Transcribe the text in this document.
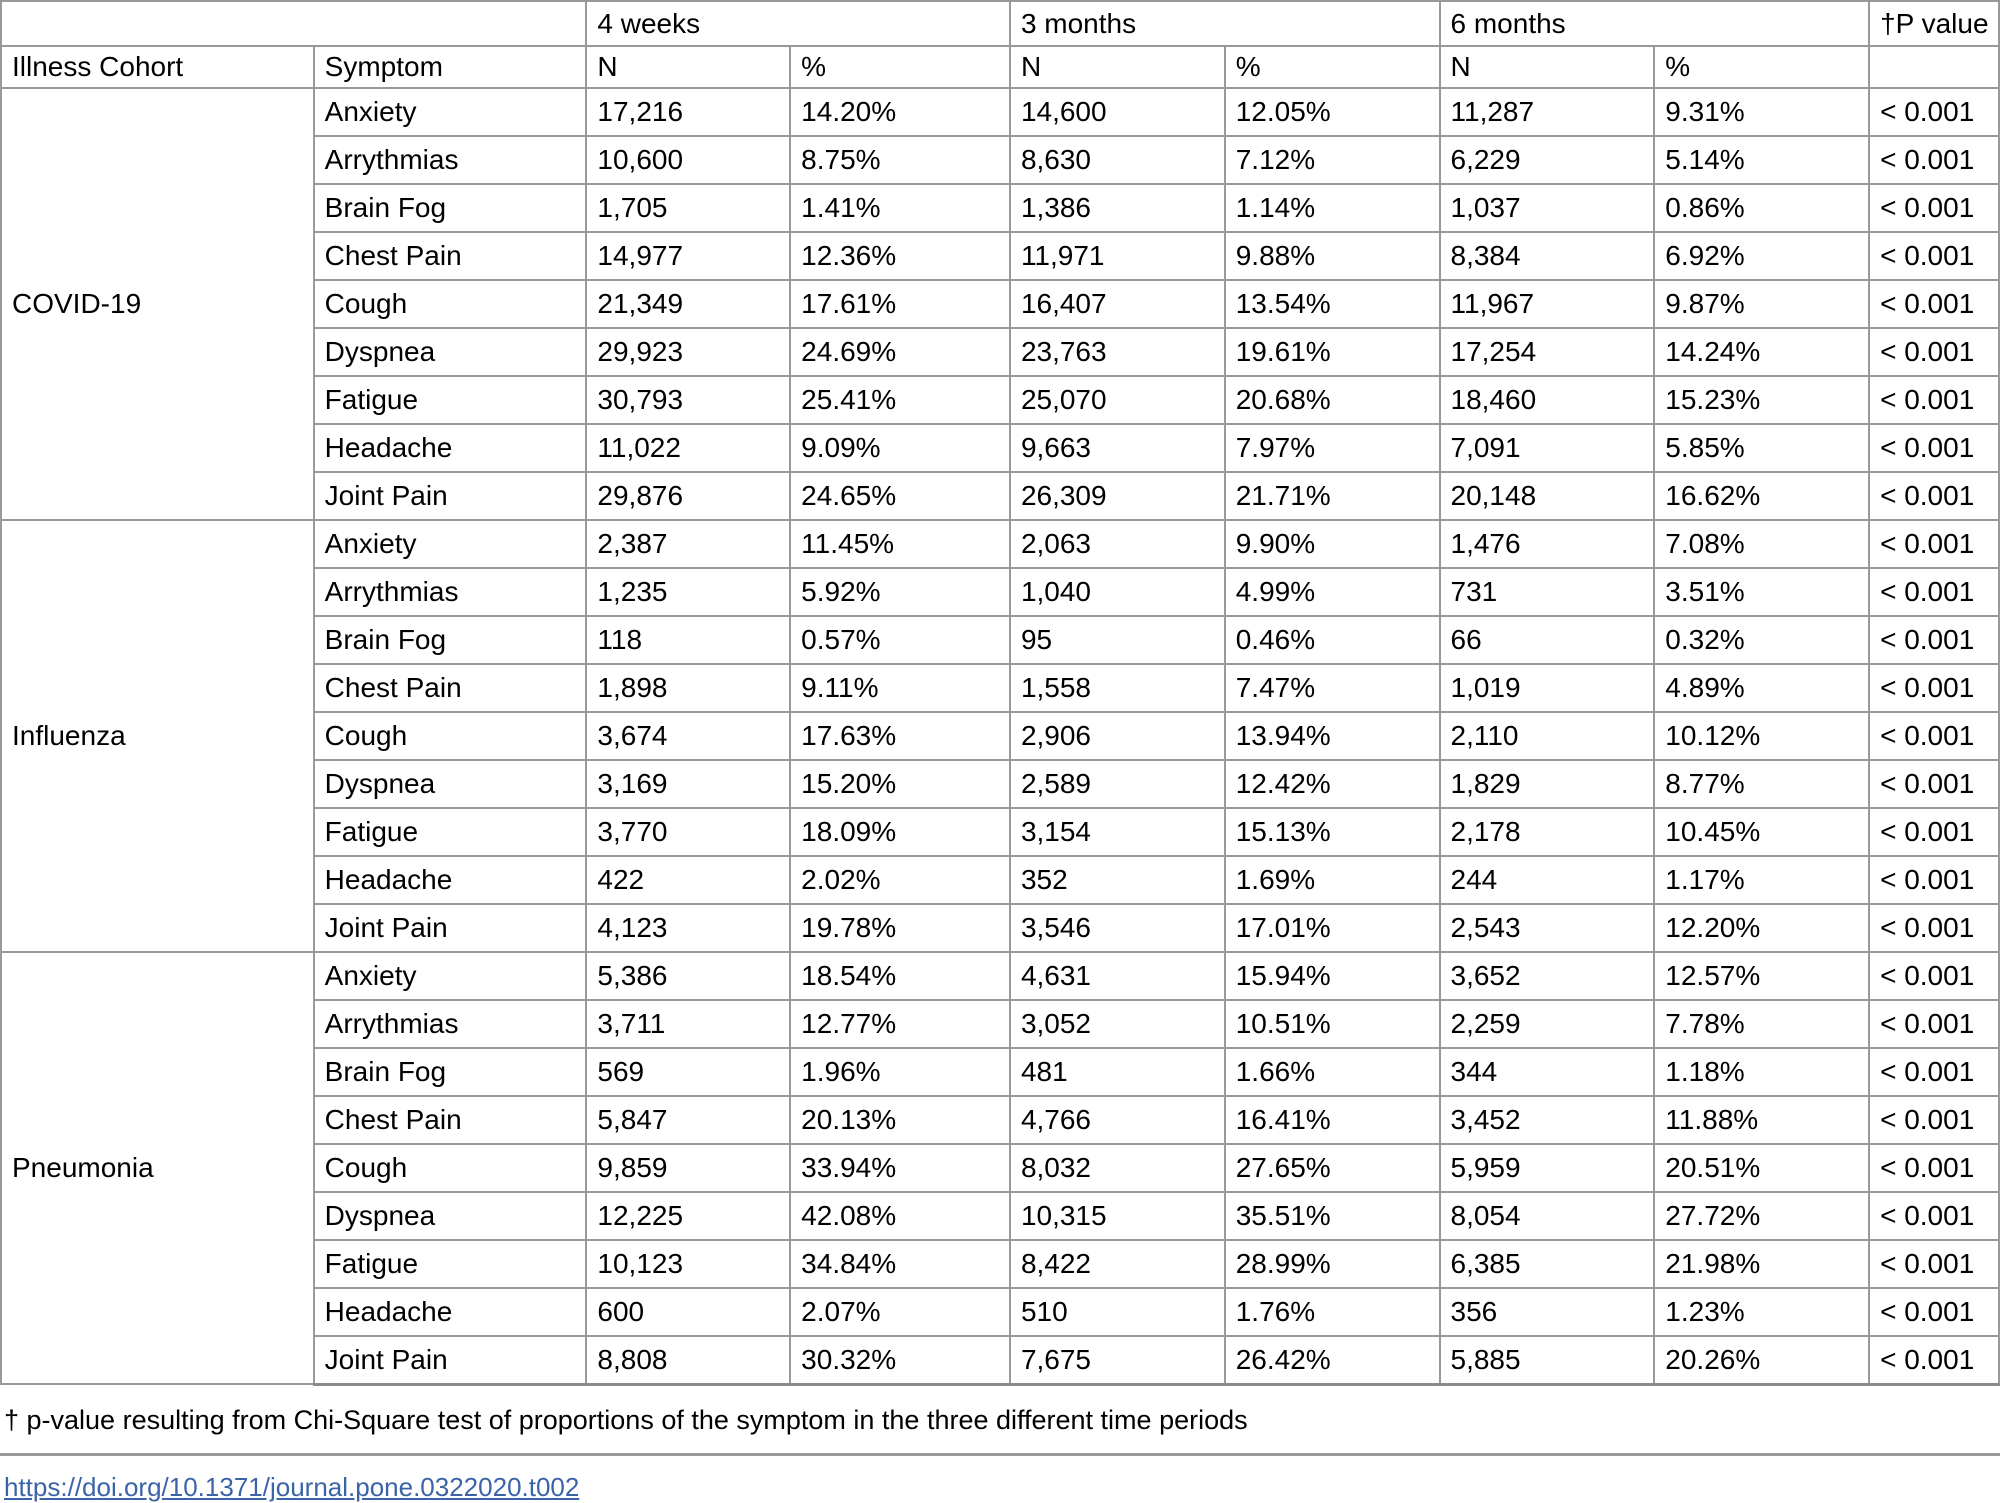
		4 weeks		3 months		6 months		†P value
Illness Cohort	Symptom	N	%	N	%	N	%	
COVID-19	Anxiety	17,216	14.20%	14,600	12.05%	11,287	9.31%	< 0.001
	Arrythmias	10,600	8.75%	8,630	7.12%	6,229	5.14%	< 0.001
	Brain Fog	1,705	1.41%	1,386	1.14%	1,037	0.86%	< 0.001
	Chest Pain	14,977	12.36%	11,971	9.88%	8,384	6.92%	< 0.001
	Cough	21,349	17.61%	16,407	13.54%	11,967	9.87%	< 0.001
	Dyspnea	29,923	24.69%	23,763	19.61%	17,254	14.24%	< 0.001
	Fatigue	30,793	25.41%	25,070	20.68%	18,460	15.23%	< 0.001
	Headache	11,022	9.09%	9,663	7.97%	7,091	5.85%	< 0.001
	Joint Pain	29,876	24.65%	26,309	21.71%	20,148	16.62%	< 0.001
Influenza	Anxiety	2,387	11.45%	2,063	9.90%	1,476	7.08%	< 0.001
	Arrythmias	1,235	5.92%	1,040	4.99%	731	3.51%	< 0.001
	Brain Fog	118	0.57%	95	0.46%	66	0.32%	< 0.001
	Chest Pain	1,898	9.11%	1,558	7.47%	1,019	4.89%	< 0.001
	Cough	3,674	17.63%	2,906	13.94%	2,110	10.12%	< 0.001
	Dyspnea	3,169	15.20%	2,589	12.42%	1,829	8.77%	< 0.001
	Fatigue	3,770	18.09%	3,154	15.13%	2,178	10.45%	< 0.001
	Headache	422	2.02%	352	1.69%	244	1.17%	< 0.001
	Joint Pain	4,123	19.78%	3,546	17.01%	2,543	12.20%	< 0.001
Pneumonia	Anxiety	5,386	18.54%	4,631	15.94%	3,652	12.57%	< 0.001
	Arrythmias	3,711	12.77%	3,052	10.51%	2,259	7.78%	< 0.001
	Brain Fog	569	1.96%	481	1.66%	344	1.18%	< 0.001
	Chest Pain	5,847	20.13%	4,766	16.41%	3,452	11.88%	< 0.001
	Cough	9,859	33.94%	8,032	27.65%	5,959	20.51%	< 0.001
	Dyspnea	12,225	42.08%	10,315	35.51%	8,054	27.72%	< 0.001
	Fatigue	10,123	34.84%	8,422	28.99%	6,385	21.98%	< 0.001
	Headache	600	2.07%	510	1.76%	356	1.23%	< 0.001
	Joint Pain	8,808	30.32%	7,675	26.42%	5,885	20.26%	< 0.001

† p-value resulting from Chi-Square test of proportions of the symptom in the three different time periods

https://doi.org/10.1371/journal.pone.0322020.t002
